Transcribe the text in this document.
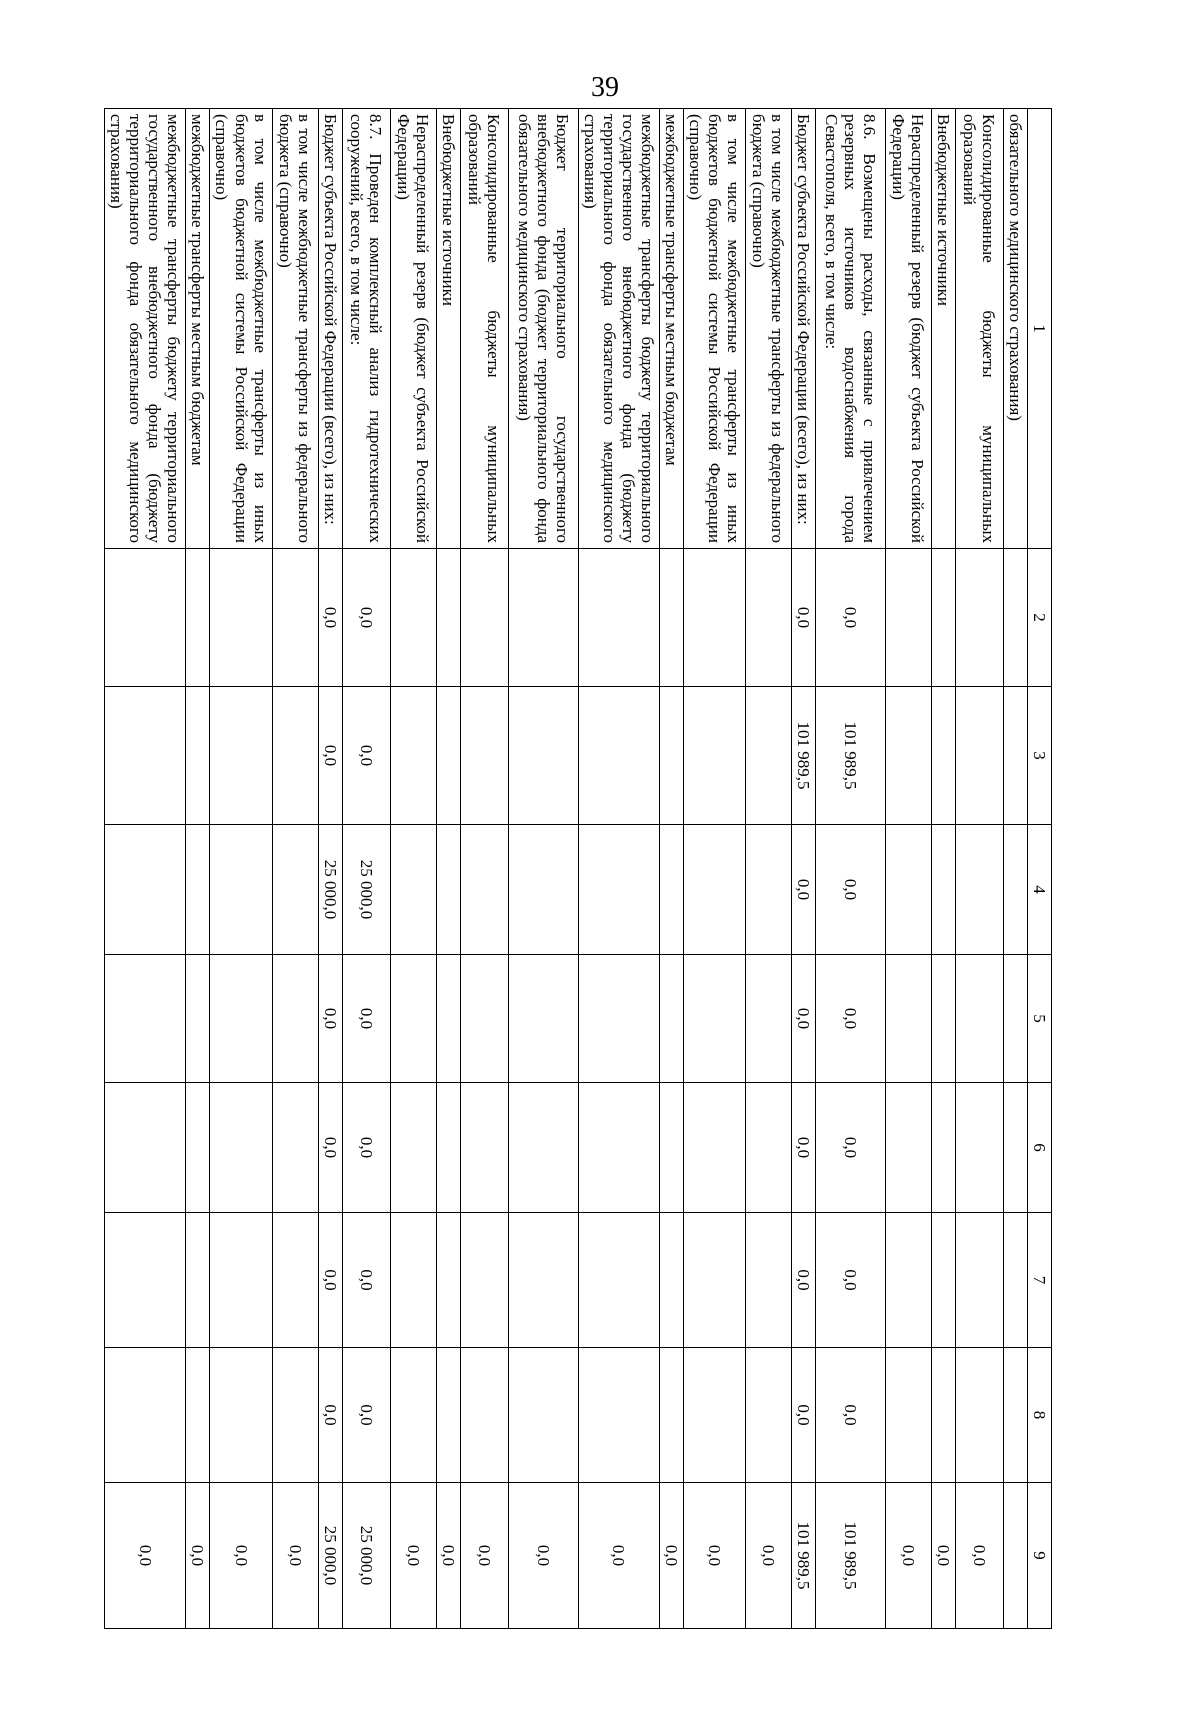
39
1	2	3	4	5	6	7	8	9
обязательного медицинского страхования)								
Консолидированные бюджеты муниципальных образований								0,0
Внебюджетные источники								0,0
Нераспределенный резерв (бюджет субъекта Российской Федерации)								0,0
8.6. Возмещены расходы, связанные с привлечением резервных источников водоснабжения города Севастополя, всего, в том числе:	0,0	101 989,5	0,0	0,0	0,0	0,0	0,0	101 989,5
Бюджет субъекта Российской Федерации (всего), из них:	0,0	101 989,5	0,0	0,0	0,0	0,0	0,0	101 989,5
в том числе межбюджетные трансферты из федерального бюджета (справочно)								0,0
в том числе межбюджетные трансферты из иных бюджетов бюджетной системы Российской Федерации (справочно)								0,0
межбюджетные трансферты местным бюджетам								0,0
межбюджетные трансферты бюджету территориального государственного внебюджетного фонда (бюджету территориального фонда обязательного медицинского страхования)								0,0
Бюджет территориального государственного внебюджетного фонда (бюджет территориального фонда обязательного медицинского страхования)								0,0
Консолидированные бюджеты муниципальных образований								0,0
Внебюджетные источники								0,0
Нераспределенный резерв (бюджет субъекта Российской Федерации)								0,0
8.7. Проведен комплексный анализ гидротехнических сооружений, всего, в том числе:	0,0	0,0	25 000,0	0,0	0,0	0,0	0,0	25 000,0
Бюджет субъекта Российской Федерации (всего), из них:	0,0	0,0	25 000,0	0,0	0,0	0,0	0,0	25 000,0
в том числе межбюджетные трансферты из федерального бюджета (справочно)								0,0
в том числе межбюджетные трансферты из иных бюджетов бюджетной системы Российской Федерации (справочно)								0,0
межбюджетные трансферты местным бюджетам								0,0
межбюджетные трансферты бюджету территориального государственного внебюджетного фонда (бюджету территориального фонда обязательного медицинского страхования)								0,0
